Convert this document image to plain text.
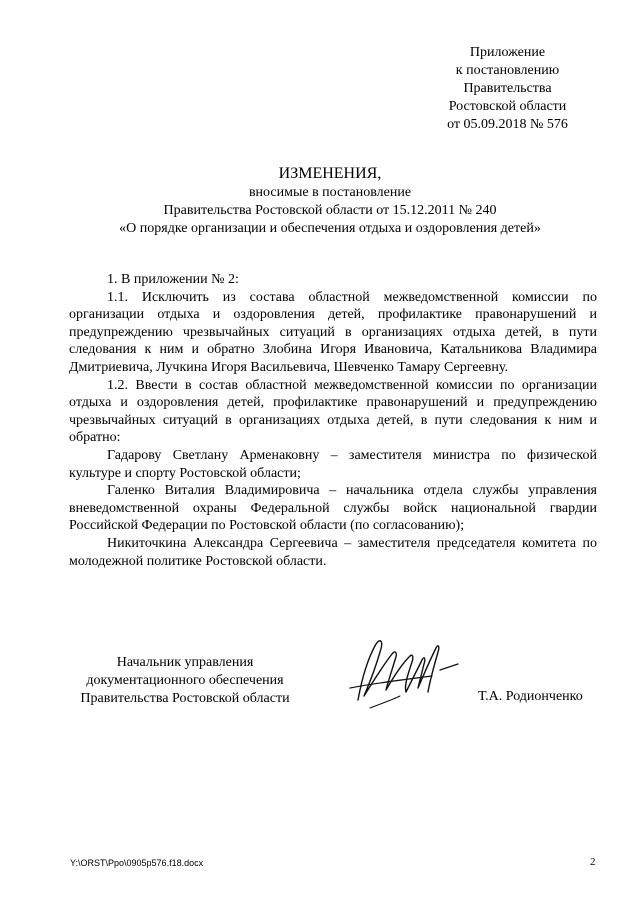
Приложение
к постановлению
Правительства
Ростовской области
от 05.09.2018 № 576
ИЗМЕНЕНИЯ,
вносимые в постановление
Правительства Ростовской области от 15.12.2011 № 240
«О порядке организации и обеспечения отдыха и оздоровления детей»

1. В приложении № 2:

1.1. Исключить из состава областной межведомственной комиссии по организации отдыха и оздоровления детей, профилактике правонарушений и предупреждению чрезвычайных ситуаций в организациях отдыха детей, в пути следования к ним и обратно Злобина Игоря Ивановича, Катальникова Владимира Дмитриевича, Лучкина Игоря Васильевича, Шевченко Тамару Сергеевну.

1.2. Ввести в состав областной межведомственной комиссии по организации отдыха и оздоровления детей, профилактике правонарушений и предупреждению чрезвычайных ситуаций в организациях отдыха детей, в пути следования к ним и обратно:

Гадарову Светлану Арменаковну – заместителя министра по физической культуре и спорту Ростовской области;

Галенко Виталия Владимировича – начальника отдела службы управления вневедомственной охраны Федеральной службы войск национальной гвардии Российской Федерации по Ростовской области (по согласованию);

Никиточкина Александра Сергеевича – заместителя председателя комитета по молодежной политике Ростовской области.

Начальник управления
документационного обеспечения
Правительства Ростовской области	Т.А. Родионченко
Y:\ORST\Ppo\0905p576.f18.docx	2
